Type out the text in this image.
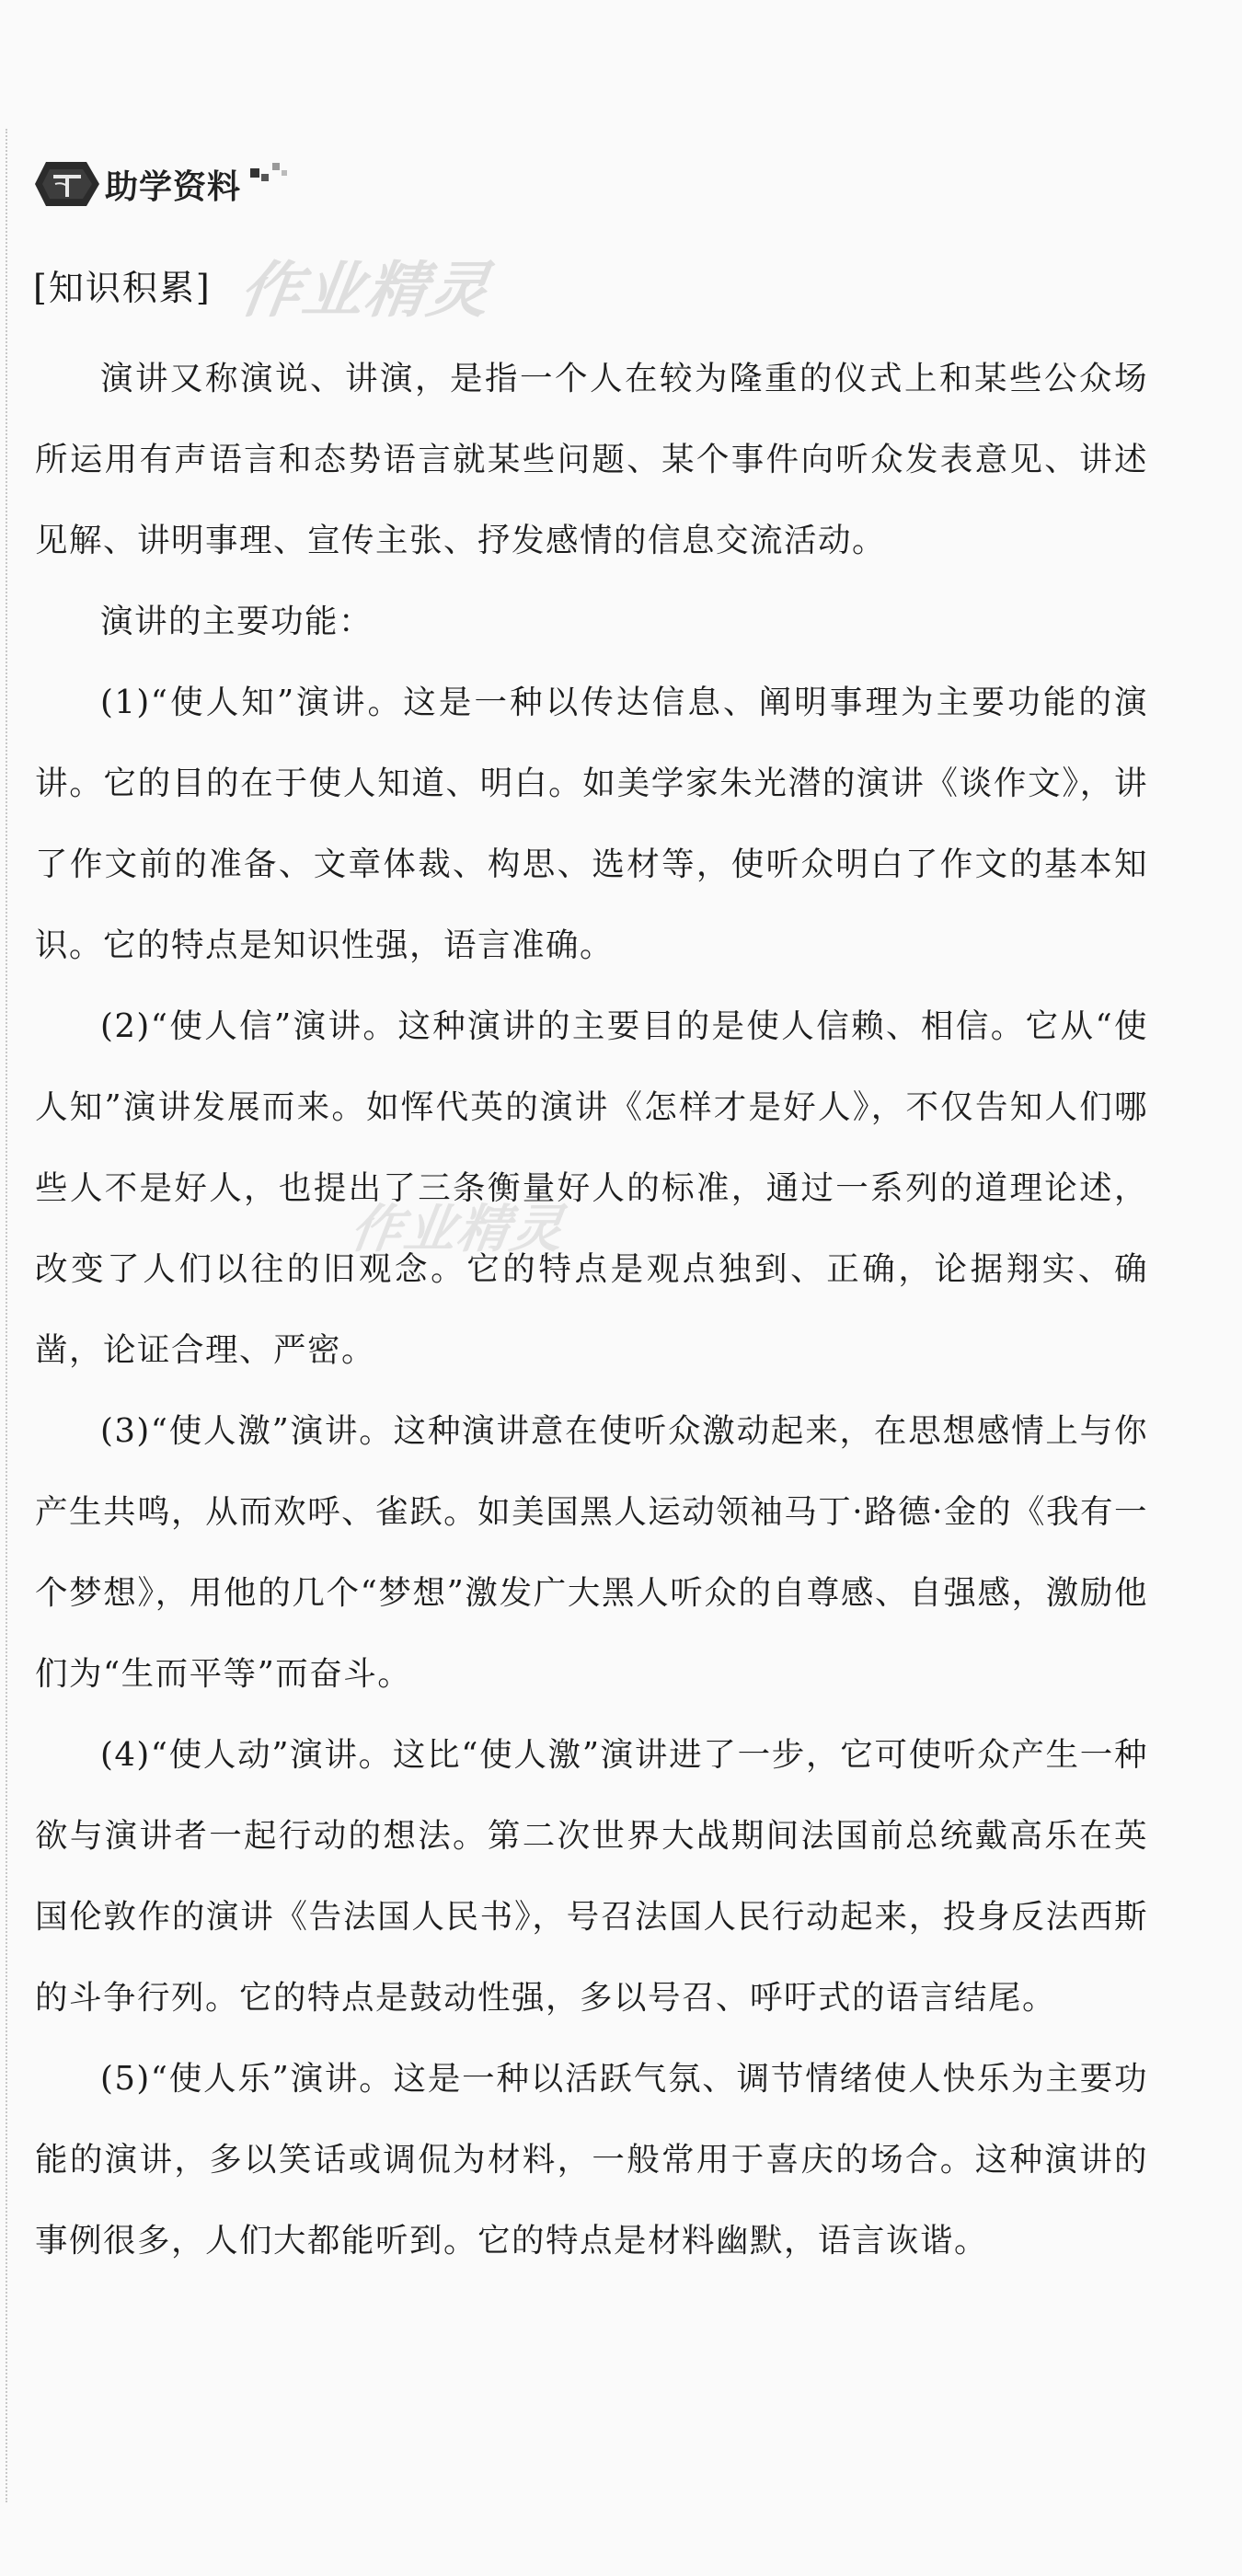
助学资料
[知识积累] 作业精灵
作业精灵

演讲又称演说、讲演，是指一个人在较为隆重的仪式上和某些公众场所运用有声语言和态势语言就某些问题、某个事件向听众发表意见、讲述见解、讲明事理、宣传主张、抒发感情的信息交流活动。

演讲的主要功能：

(1)“使人知”演讲。这是一种以传达信息、阐明事理为主要功能的演讲。它的目的在于使人知道、明白。如美学家朱光潜的演讲《谈作文》，讲了作文前的准备、文章体裁、构思、选材等，使听众明白了作文的基本知识。它的特点是知识性强，语言准确。

(2)“使人信”演讲。这种演讲的主要目的是使人信赖、相信。它从“使人知”演讲发展而来。如恽代英的演讲《怎样才是好人》，不仅告知人们哪些人不是好人，也提出了三条衡量好人的标准，通过一系列的道理论述，改变了人们以往的旧观念。它的特点是观点独到、正确，论据翔实、确凿，论证合理、严密。

(3)“使人激”演讲。这种演讲意在使听众激动起来，在思想感情上与你产生共鸣，从而欢呼、雀跃。如美国黑人运动领袖马丁·路德·金的《我有一个梦想》，用他的几个“梦想”激发广大黑人听众的自尊感、自强感，激励他们为“生而平等”而奋斗。

(4)“使人动”演讲。这比“使人激”演讲进了一步，它可使听众产生一种欲与演讲者一起行动的想法。第二次世界大战期间法国前总统戴高乐在英国伦敦作的演讲《告法国人民书》，号召法国人民行动起来，投身反法西斯的斗争行列。它的特点是鼓动性强，多以号召、呼吁式的语言结尾。

(5)“使人乐”演讲。这是一种以活跃气氛、调节情绪使人快乐为主要功能的演讲，多以笑话或调侃为材料，一般常用于喜庆的场合。这种演讲的事例很多，人们大都能听到。它的特点是材料幽默，语言诙谐。
